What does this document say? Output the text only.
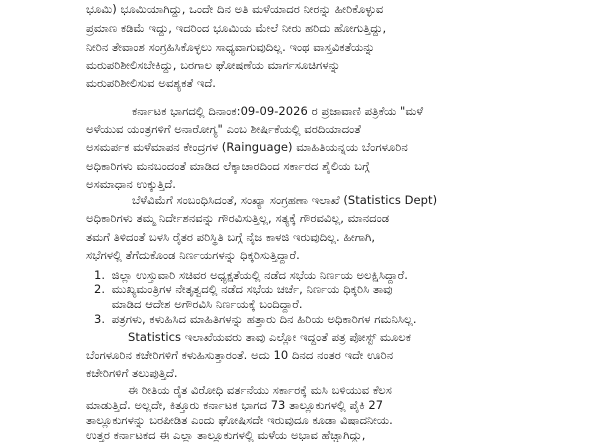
ಭೂಮಿ) ಭೂಮಿಯಾಗಿದ್ದು, ಒಂದೇ ದಿನ ಅತಿ ಮಳೆಯಾದರ ನೀರನ್ನು ಹೀರಿಕೊಳ್ಳುವ
ಪ್ರಮಾಣ ಕಡಿಮೆ ಇದ್ದು, ಇದರಿಂದ ಭೂಮಿಯ ಮೇಲೆ ನೀರು ಹರಿದು ಹೋಗುತ್ತಿದ್ದು,
ನೀರಿನ ತೇವಾಂಶ ಸಂಗ್ರಹಿಸಿಕೊಳ್ಳಲು ಸಾಧ್ಯವಾಗುವುದಿಲ್ಲ. ಇಂಥ ವಾಸ್ತವಿಕತೆಯನ್ನು
ಮರುಪರಿಶೀಲಿಸಬೇಕಿದ್ದು, ಬರಗಾಲ ಘೋಷಣೆಯ ಮಾರ್ಗಸೂಚಿಗಳನ್ನು
ಮರುಪರಿಶೀಲಿಸುವ ಅವಶ್ಯಕತೆ ಇದೆ.
ಕರ್ನಾಟಕ ಭಾಗದಲ್ಲಿ ದಿನಾಂಕ:09-09-2026 ರ ಪ್ರಜಾವಾಣಿ ಪತ್ರಿಕೆಯ "ಮಳೆ
ಅಳೆಯುವ ಯಂತ್ರಗಳಿಗೆ ಅನಾರೋಗ್ಯ" ಎಂಬ ಶೀರ್ಷಿಕೆಯಲ್ಲಿ ವರದಿಯಾದಂತೆ
ಅಸಮರ್ಪಕ ಮಳೆಮಾಪನ ಕೇಂದ್ರಗಳ (Rainguage) ಮಾಹಿತಿಯನ್ನಯ ಬೆಂಗಳೂರಿನ
ಅಧಿಕಾರಿಗಳು ಮನಬಂದಂತೆ ಮಾಡಿದ ಲೆಕ್ಕಾಚಾರದಿಂದ ಸರ್ಕಾರದ ಶೈಲಿಯ ಬಗ್ಗೆ
ಅಸಮಾಧಾನ ಉಕ್ಕುತ್ತಿದೆ.
ಬೆಳೆವಿಮೆಗೆ ಸಂಬಂಧಿಸಿದಂತೆ, ಸಂಖ್ಯಾ ಸಂಗ್ರಹಣಾ ಇಲಾಖೆ (Statistics Dept)
ಅಧಿಕಾರಿಗಳು ತಮ್ಮ ನಿರ್ದೇಶನವನ್ನು ಗೌರವಿಸುತ್ತಿಲ್ಲ, ಸತ್ಯಕ್ಕೆ ಗೌರವವಿಲ್ಲ, ಮಾನದಂಡ
ತಮಗೆ ತಿಳಿದಂತೆ ಬಳಸಿ ರೈತರ ಪರಿಸ್ಥಿತಿ ಬಗ್ಗೆ ನೈಜ ಕಾಳಜಿ ಇರುವುದಿಲ್ಲ. ಹೀಗಾಗಿ,
ಸಭೆಗಳಲ್ಲಿ ತೆಗೆದುಕೊಂಡ ನಿರ್ಣಯಗಳನ್ನು ಧಿಕ್ಕರಿಸುತ್ತಿದ್ದಾರೆ.
1. ಜಿಲ್ಲಾ ಉಸ್ತುವಾರಿ ಸಚಿವರ ಅಧ್ಯಕ್ಷತೆಯಲ್ಲಿ ನಡೆದ ಸಭೆಯ ನಿರ್ಣಯ ಅಲಕ್ಷಿಸಿದ್ದಾರೆ.
2. ಮುಖ್ಯಮಂತ್ರಿಗಳ ನೇತೃತ್ವದಲ್ಲಿ ನಡೆದ ಸಭೆಯ ಚರ್ಚೆ, ನಿರ್ಣಯ ಧಿಕ್ಕರಿಸಿ ತಾವು
ಮಾಡಿದ ಆದೇಶ ಅಗೌರವಿಸಿ ನಿರ್ಣಯಕ್ಕೆ ಬಂದಿದ್ದಾರೆ.
3. ಪತ್ರಗಳು, ಕಳುಹಿಸಿದ ಮಾಹಿತಿಗಳನ್ನು ಹತ್ತಾರು ದಿನ ಹಿರಿಯ ಅಧಿಕಾರಿಗಳ ಗಮನಿಸಿಲ್ಲ.
Statistics ಇಲಾಖೆಯವರು ತಾವು ಎಲ್ಲೋ ಇದ್ದಂತೆ ಪತ್ರ ಪೋಸ್ಟ್ ಮೂಲಕ
ಬೆಂಗಳೂರಿನ ಕಚೇರಿಗಳಿಗೆ ಕಳುಹಿಸುತ್ತಾರಂತೆ. ಅದು 10 ದಿನದ ನಂತರ ಇದೇ ಊರಿನ
ಕಚೇರಿಗಳಿಗೆ ತಲುಪುತ್ತಿದೆ.
ಈ ರೀತಿಯ ರೈತ ವಿರೋಧಿ ವರ್ತನೆಯು ಸರ್ಕಾರಕ್ಕೆ ಮಸಿ ಬಳಿಯುವ ಕೆಲಸ
ಮಾಡುತ್ತಿದೆ. ಅಲ್ಲದೇ, ಕಿತ್ತೂರು ಕರ್ನಾಟಕ ಭಾಗದ 73 ತಾಲ್ಲೂಕುಗಳಲ್ಲಿ ಪೈಕಿ 27
ತಾಲ್ಲೂಕುಗಳನ್ನು ಬರಪೀಡಿತ ಎಂದು ಘೋಷಿಸದೇ ಇರುವುದೂ ಕೂಡಾ ವಿಷಾದನೀಯ.
ಉತ್ತರ ಕರ್ನಾಟಕದ ಈ ಎಲ್ಲಾ ತಾಲ್ಲೂಕುಗಳಲ್ಲಿ ಮಳೆಯ ಅಭಾವ ಹೆಚ್ಚಾಗಿದ್ದು,
